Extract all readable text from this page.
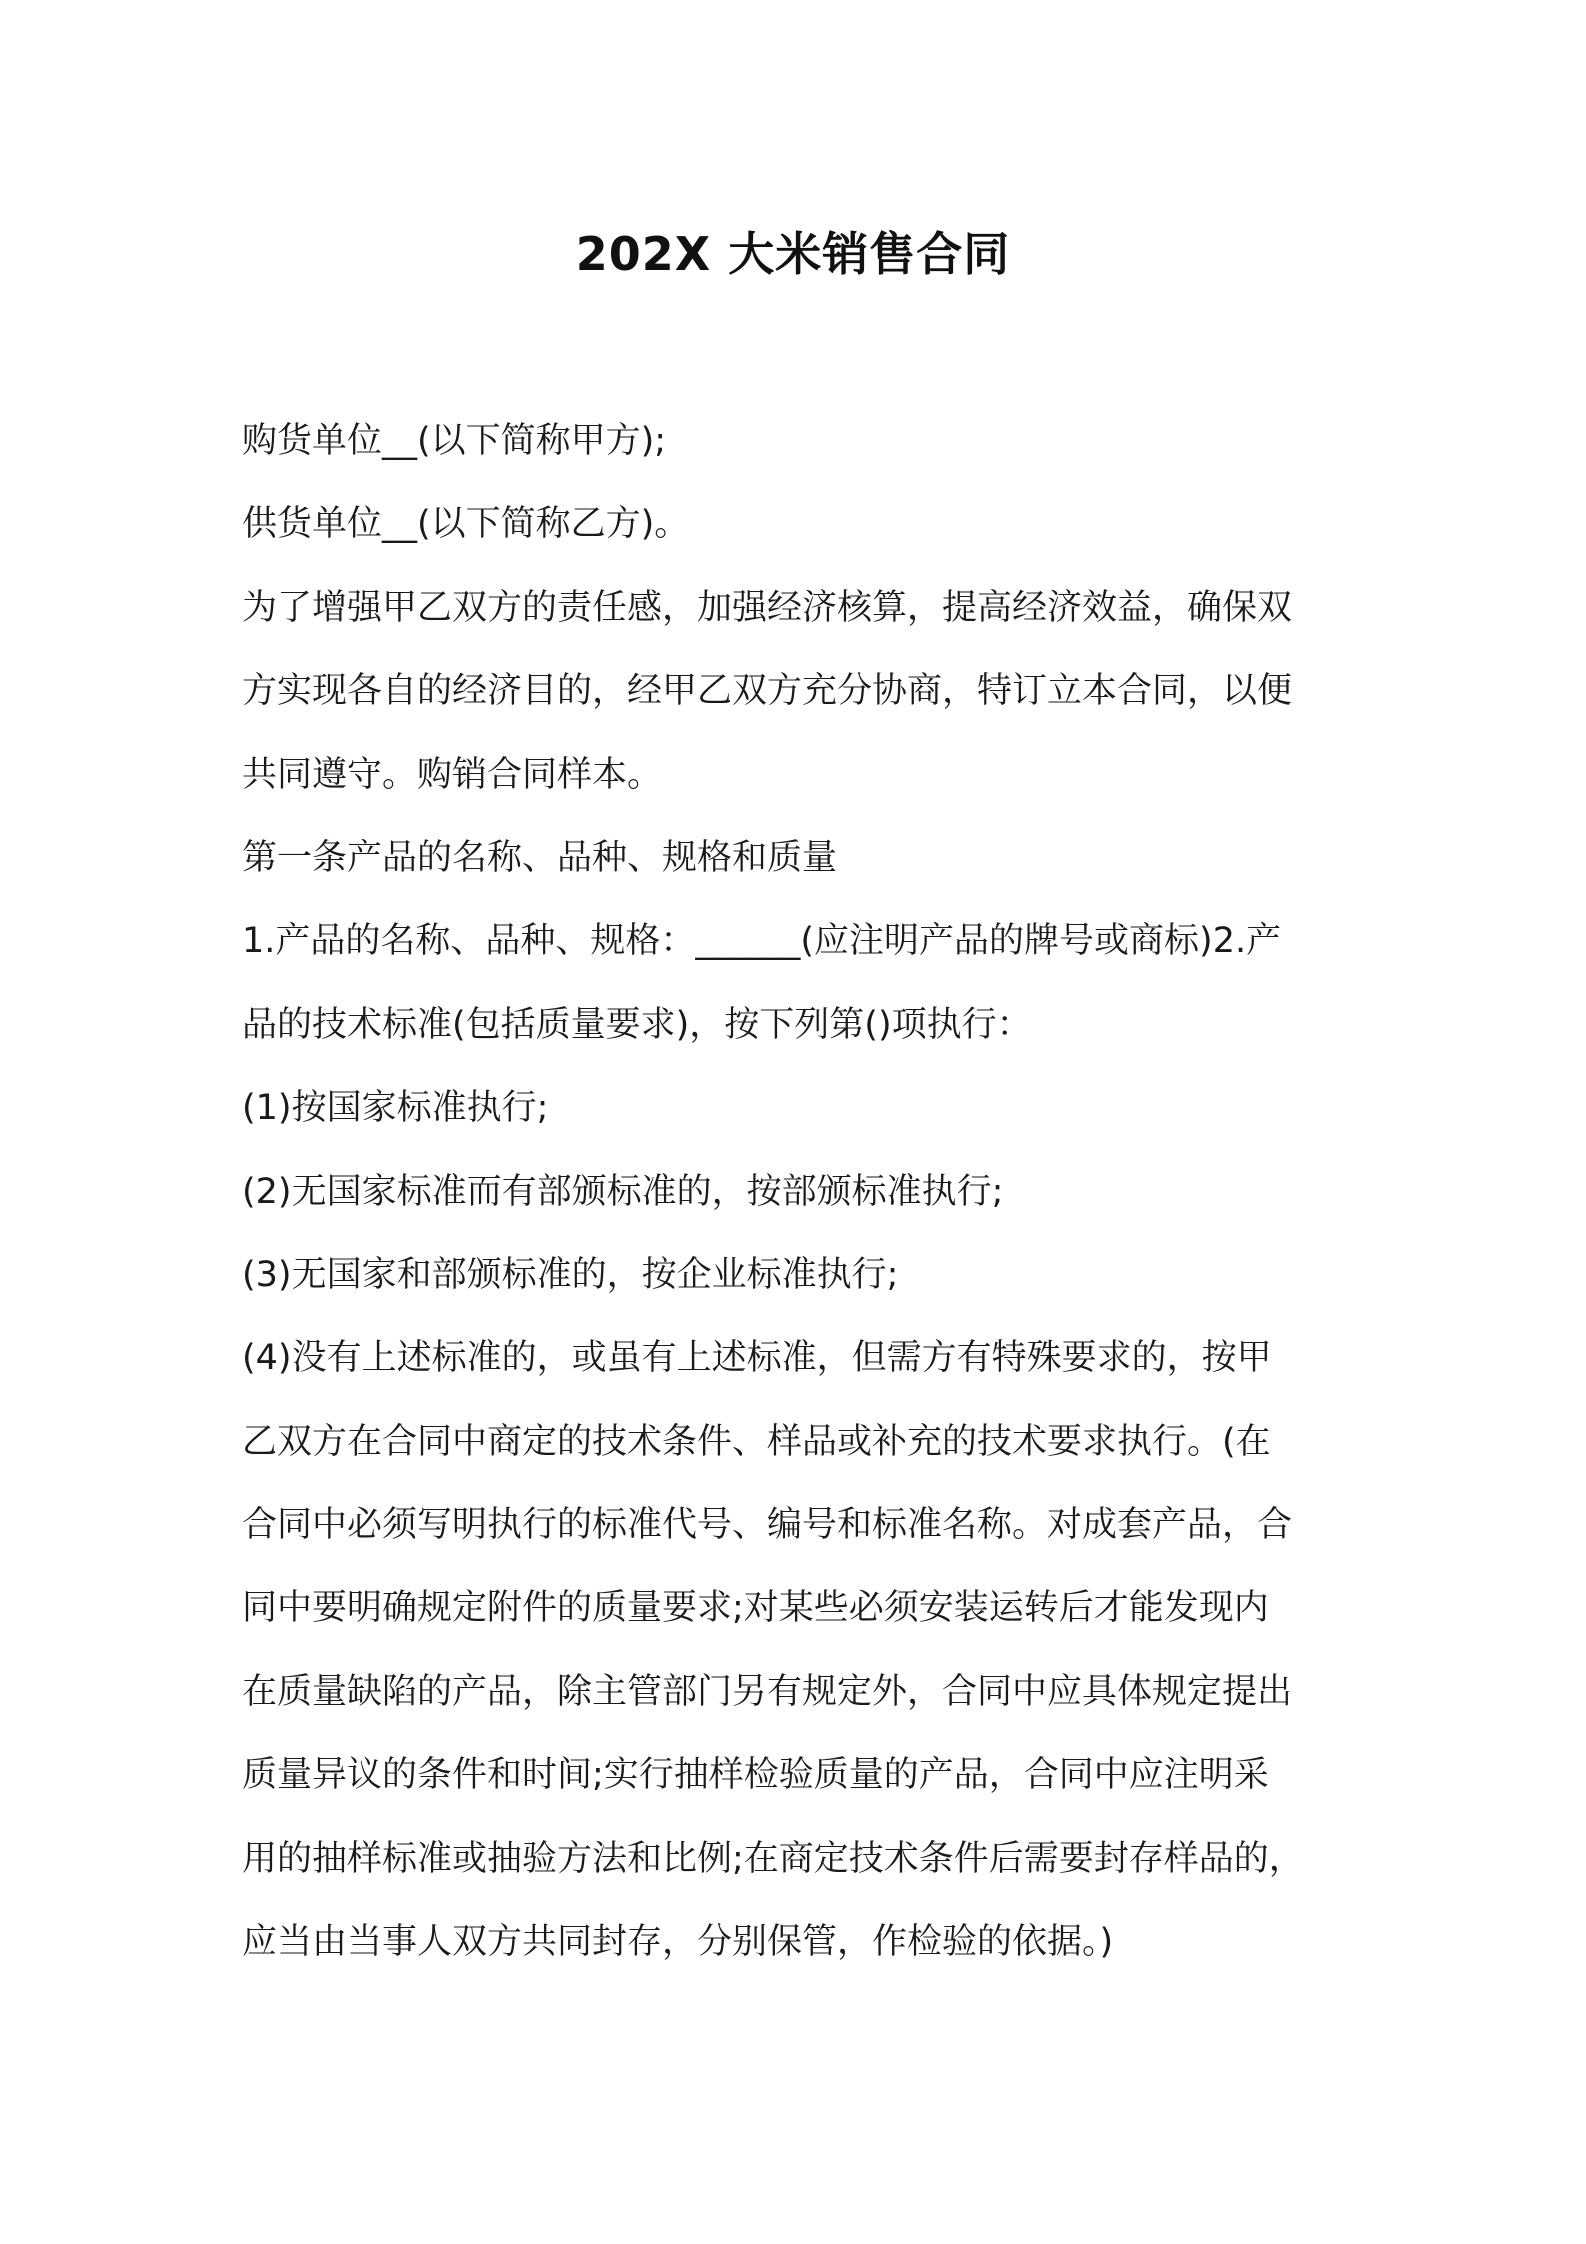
202X 大米销售合同
购货单位__(以下简称甲方);
供货单位__(以下简称乙方)。
为了增强甲乙双方的责任感，加强经济核算，提高经济效益，确保双
方实现各自的经济目的，经甲乙双方充分协商，特订立本合同，以便
共同遵守。购销合同样本。
第一条产品的名称、品种、规格和质量
1.产品的名称、品种、规格：______(应注明产品的牌号或商标)2.产
品的技术标准(包括质量要求)，按下列第()项执行：
(1)按国家标准执行;
(2)无国家标准而有部颁标准的，按部颁标准执行;
(3)无国家和部颁标准的，按企业标准执行;
(4)没有上述标准的，或虽有上述标准，但需方有特殊要求的，按甲
乙双方在合同中商定的技术条件、样品或补充的技术要求执行。(在
合同中必须写明执行的标准代号、编号和标准名称。对成套产品，合
同中要明确规定附件的质量要求;对某些必须安装运转后才能发现内
在质量缺陷的产品，除主管部门另有规定外，合同中应具体规定提出
质量异议的条件和时间;实行抽样检验质量的产品，合同中应注明采
用的抽样标准或抽验方法和比例;在商定技术条件后需要封存样品的，
应当由当事人双方共同封存，分别保管，作检验的依据。)
